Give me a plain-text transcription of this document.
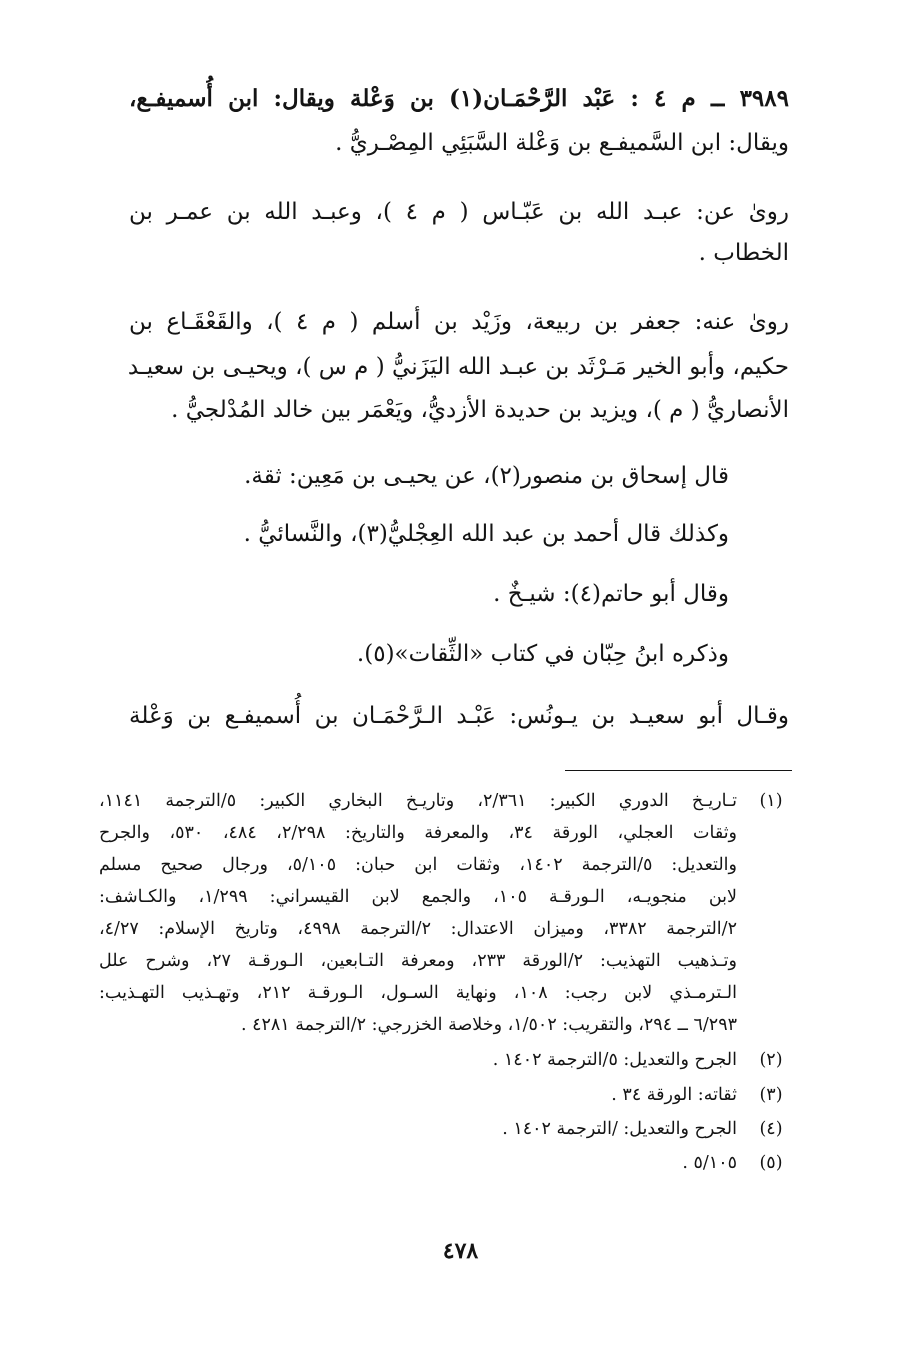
٣٩٨٩ ــ م ٤ : عَبْد الرَّحْمَـان(١) بن وَعْلة ويقال: ابن أُسميفـع،
ويقال: ابن السَّميفـع بن وَعْلة السَّبَئِي المِصْـريُّ .
روىٰ عن: عبـد الله بن عَبّـاس ( م ٤ )، وعبـد الله بن عمـر بن
الخطاب .
روىٰ عنه: جعفر بن ربيعة، وزَيْد بن أسلم ( م ٤ )، والقَعْقَـاع بن
حكيم، وأبو الخير مَـرْثَد بن عبـد الله اليَزَنيُّ ( م س )، ويحيـى بن سعيـد
الأنصاريُّ ( م )، ويزيد بن حديدة الأزديُّ، ويَعْمَر بين خالد المُدْلجيُّ .
قال إسحاق بن منصور(٢)، عن يحيـى بن مَعِين: ثقة.
وكذلك قال أحمد بن عبد الله العِجْليُّ(٣)، والنَّسائيُّ .
وقال أبو حاتم(٤): شيـخٌ .
وذكره ابنُ حِبّان في كتاب «الثِّقات»(٥).
وقـال أبو سعيـد بن يـونُس: عَبْـد الـرَّحْمَـان بن أُسميفـع بن وَعْلة
(١)
تـاريـخ الدوري الكبير: ٢/٣٦١، وتاريـخ البخاري الكبير: ٥/الترجمة ١١٤١،
وثقات العجلي، الورقة ٣٤، والمعرفة والتاريخ: ٢/٢٩٨، ٤٨٤، ٥٣٠، والجرح
والتعديل: ٥/الترجمة ١٤٠٢، وثقات ابن حبان: ٥/١٠٥، ورجال صحيح مسلم
لابن منجويـه، الـورقـة ١٠٥، والجمع لابن القيسراني: ١/٢٩٩، والكـاشف:
٢/الترجمة ٣٣٨٢، وميزان الاعتدال: ٢/الترجمة ٤٩٩٨، وتاريخ الإسلام: ٤/٢٧،
وتـذهيب التهذيب: ٢/الورقة ٢٣٣، ومعرفة التـابعين، الـورقـة ٢٧، وشرح علل
الـترمـذي لابن رجب: ١٠٨، ونهاية السـول، الـورقـة ٢١٢، وتهـذيب التهـذيب:
٦/٢٩٣ ــ ٢٩٤، والتقريب: ١/٥٠٢، وخلاصة الخزرجي: ٢/الترجمة ٤٢٨١ .
(٢)
الجرح والتعديل: ٥/الترجمة ١٤٠٢ .
(٣)
ثقاته: الورقة ٣٤ .
(٤)
الجرح والتعديل: /الترجمة ١٤٠٢ .
(٥)
٥/١٠٥ .
٤٧٨
